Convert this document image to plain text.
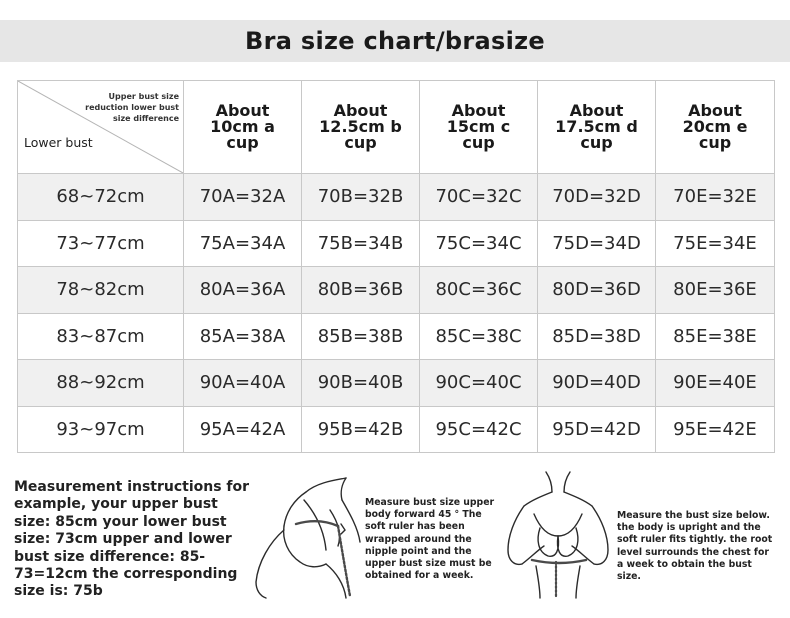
Bra size chart/brasize
Upper bust size reduction lower bust size difference
Lower bust	About 10cm a cup	About 12.5cm b cup	About 15cm c cup	About 17.5cm d cup	About 20cm e cup
68~72cm	70A=32A	70B=32B	70C=32C	70D=32D	70E=32E
73~77cm	75A=34A	75B=34B	75C=34C	75D=34D	75E=34E
78~82cm	80A=36A	80B=36B	80C=36C	80D=36D	80E=36E
83~87cm	85A=38A	85B=38B	85C=38C	85D=38D	85E=38E
88~92cm	90A=40A	90B=40B	90C=40C	90D=40D	90E=40E
93~97cm	95A=42A	95B=42B	95C=42C	95D=42D	95E=42E
Measurement instructions for example, your upper bust size: 85cm your lower bust size: 73cm upper and lower bust size difference: 85-73=12cm the corresponding size is: 75b
Measure bust size upper body forward 45 ° The soft ruler has been wrapped around the nipple point and the upper bust size must be obtained for a week.
Measure the bust size below. the body is upright and the soft ruler fits tightly. the root level surrounds the chest for a week to obtain the bust size.
